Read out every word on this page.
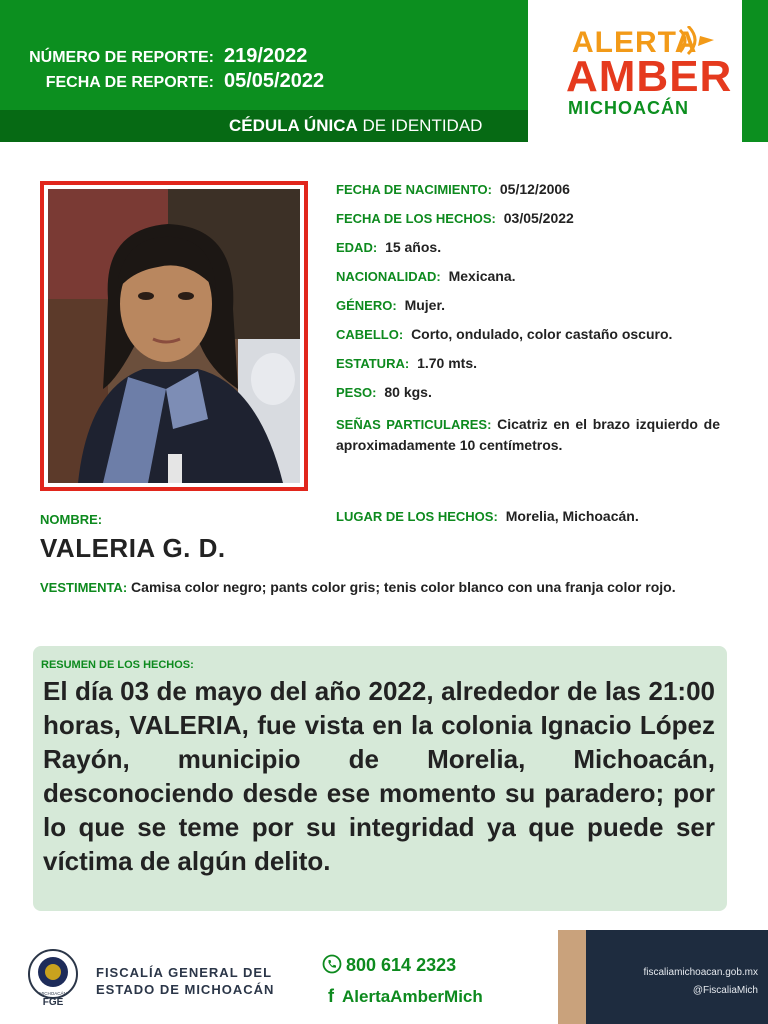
NÚMERO DE REPORTE: 219/2022
FECHA DE REPORTE: 05/05/2022
CÉDULA ÚNICA DE IDENTIDAD
ALERTA
AMBER
MICHOACÁN
FECHA DE NACIMIENTO: 05/12/2006
FECHA DE LOS HECHOS: 03/05/2022
EDAD: 15 años.
NACIONALIDAD: Mexicana.
GÉNERO: Mujer.
CABELLO: Corto, ondulado, color castaño oscuro.
ESTATURA: 1.70 mts.
PESO: 80 kgs.
SEÑAS PARTICULARES: Cicatriz en el brazo izquierdo de aproximadamente 10 centímetros.
LUGAR DE LOS HECHOS: Morelia, Michoacán.
NOMBRE:
VALERIA G. D.
VESTIMENTA: Camisa color negro; pants color gris; tenis color blanco con una franja color rojo.
RESUMEN DE LOS HECHOS:
El día 03 de mayo del año 2022, alrededor de las 21:00 horas, VALERIA, fue vista en la colonia Ignacio López Rayón, municipio de Morelia, Michoacán, desconociendo desde ese momento su paradero; por lo que se teme por su integridad ya que puede ser víctima de algún delito.
MICHOACÁN
FGE
FISCALÍA GENERAL DEL
ESTADO DE MICHOACÁN
800 614 2323
f AlertaAmberMich
fiscaliamichoacan.gob.mx
@FiscaliaMich
